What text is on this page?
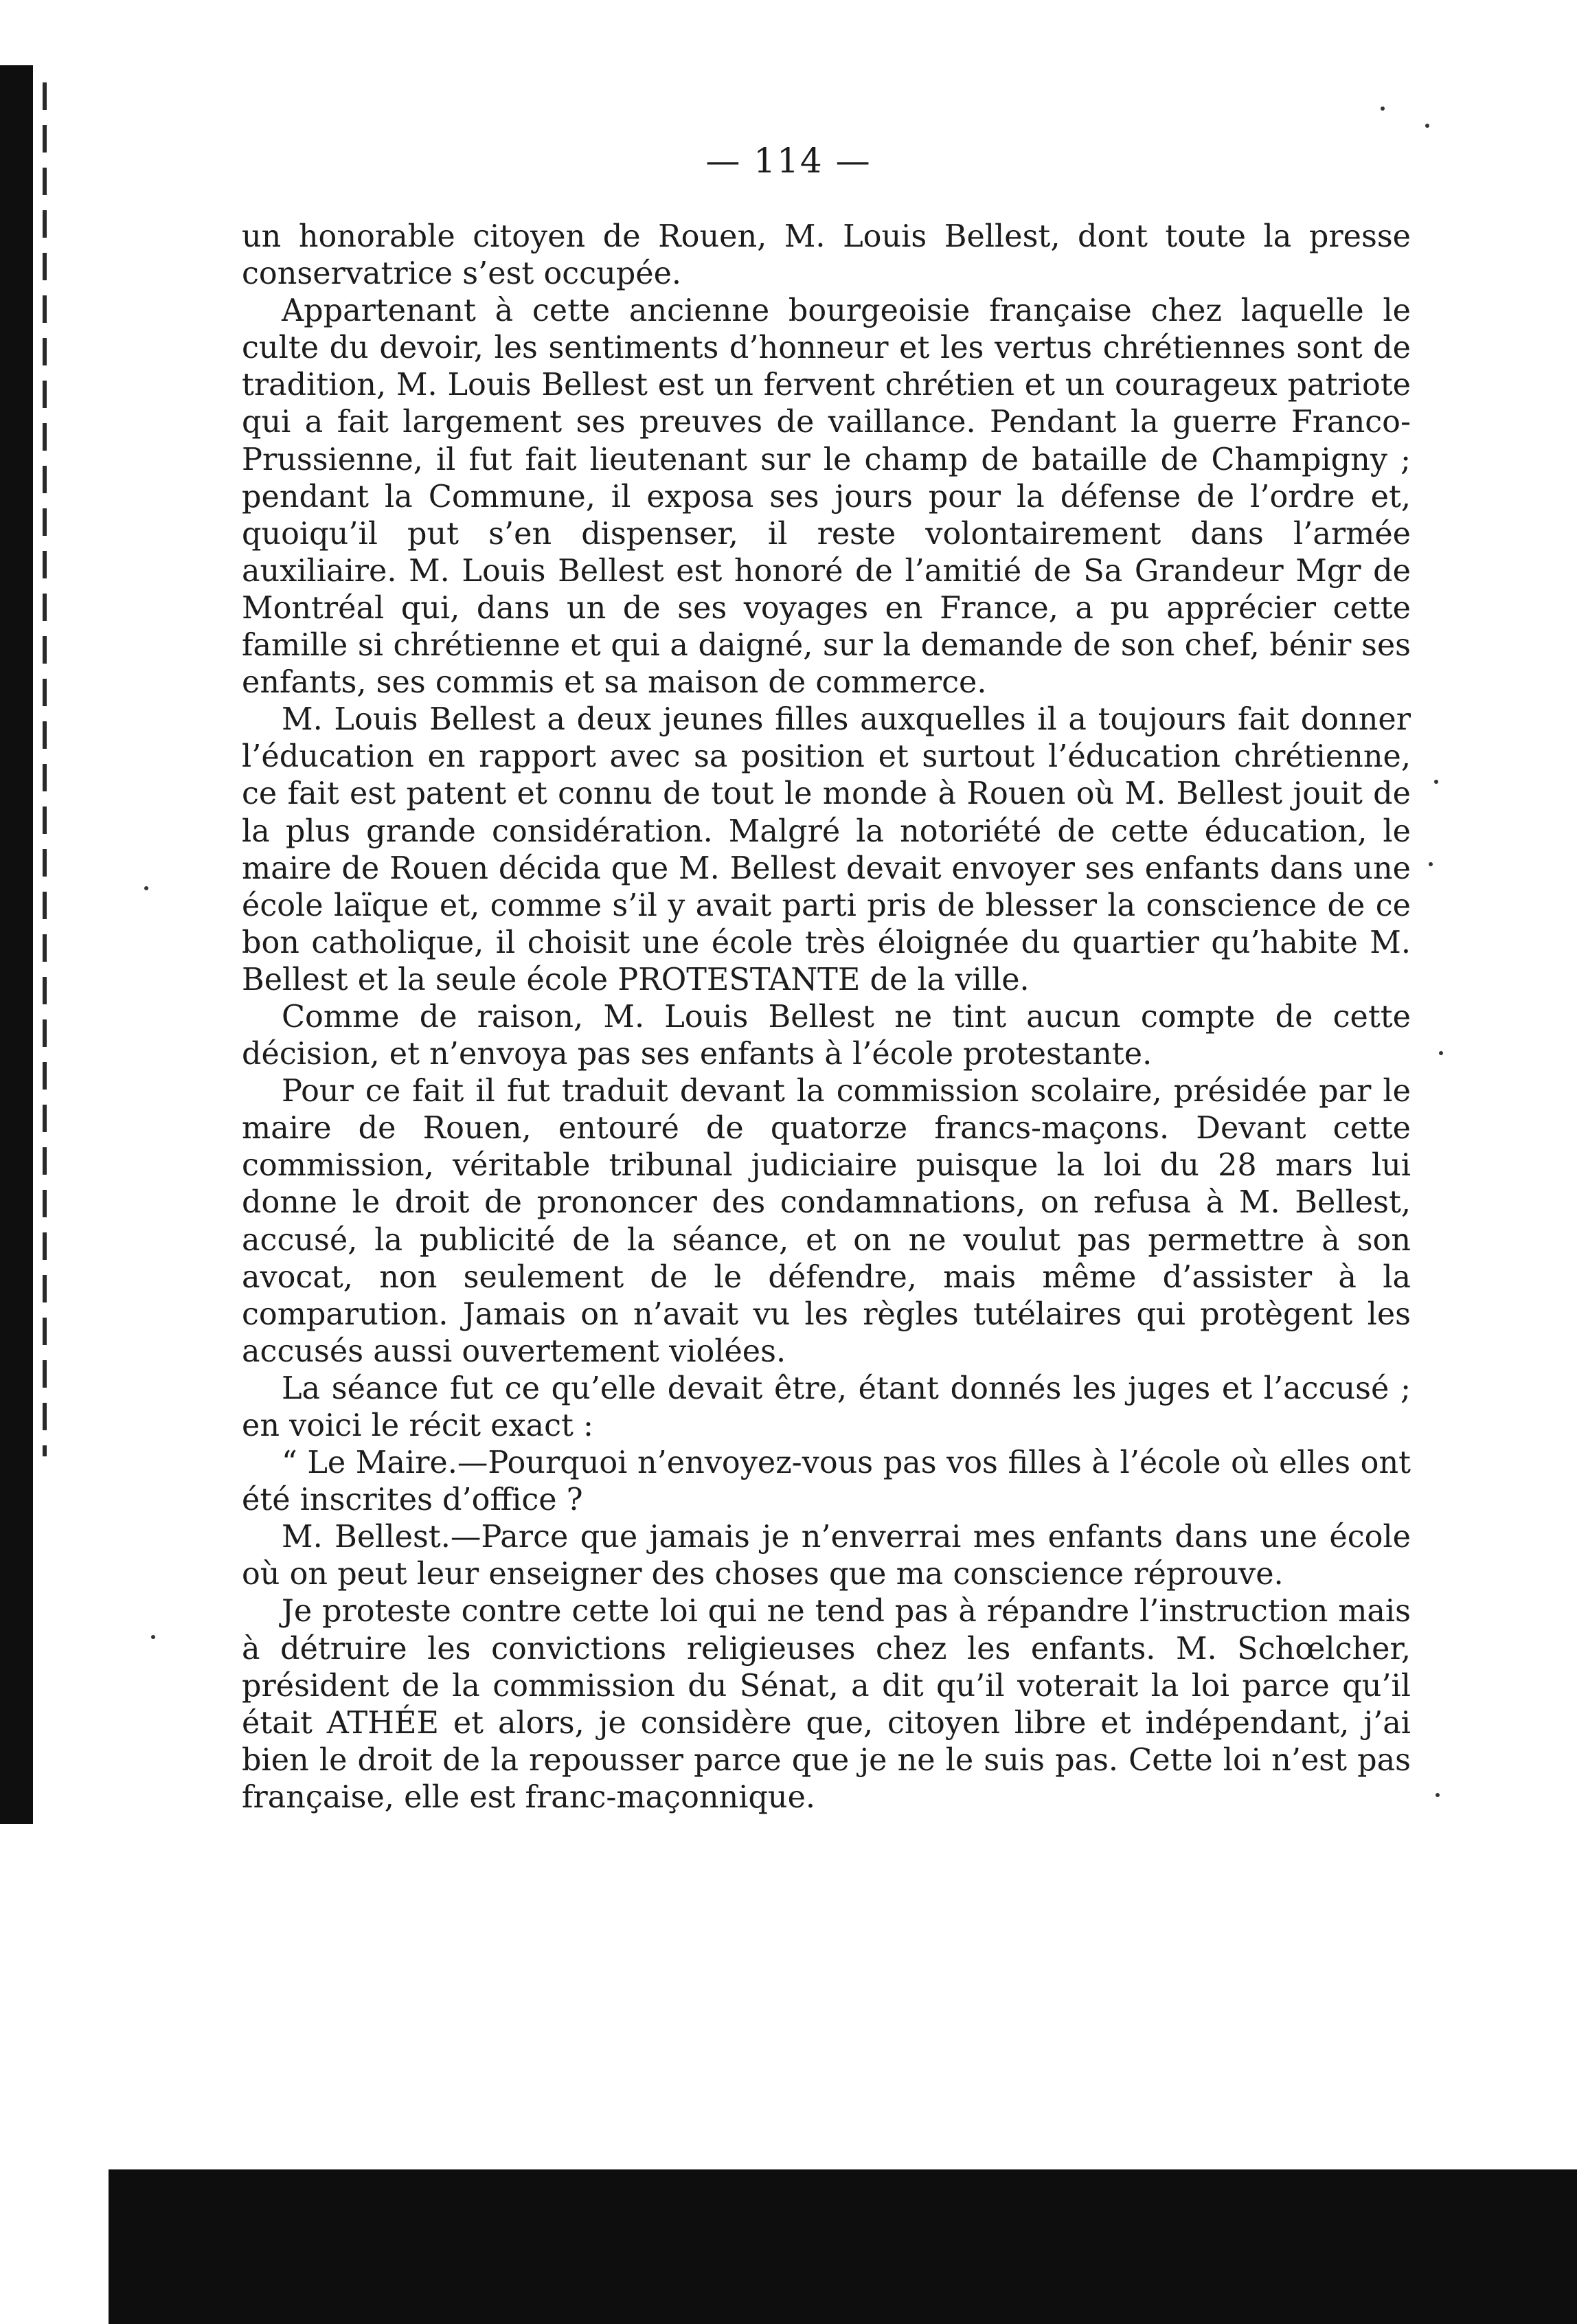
— 114 —

un honorable citoyen de Rouen, M. Louis Bellest, dont toute la presse conservatrice s’est occupée.

Appartenant à cette ancienne bourgeoisie française chez laquelle le culte du devoir, les sentiments d’honneur et les vertus chrétiennes sont de tradition, M. Louis Bellest est un fervent chrétien et un courageux patriote qui a fait largement ses preuves de vaillance. Pendant la guerre Franco-Prussienne, il fut fait lieutenant sur le champ de bataille de Champigny ; pendant la Commune, il exposa ses jours pour la défense de l’ordre et, quoiqu’il put s’en dispenser, il reste volontairement dans l’armée auxiliaire. M. Louis Bellest est honoré de l’amitié de Sa Grandeur Mgr de Montréal qui, dans un de ses voyages en France, a pu apprécier cette famille si chrétienne et qui a daigné, sur la demande de son chef, bénir ses enfants, ses commis et sa maison de commerce.

M. Louis Bellest a deux jeunes filles auxquelles il a toujours fait donner l’éducation en rapport avec sa position et surtout l’éducation chrétienne, ce fait est patent et connu de tout le monde à Rouen où M. Bellest jouit de la plus grande considération. Malgré la notoriété de cette éducation, le maire de Rouen décida que M. Bellest devait envoyer ses enfants dans une école laïque et, comme s’il y avait parti pris de blesser la conscience de ce bon catholique, il choisit une école très éloignée du quartier qu’habite M. Bellest et la seule école PROTESTANTE de la ville.

Comme de raison, M. Louis Bellest ne tint aucun compte de cette décision, et n’envoya pas ses enfants à l’école protestante.

Pour ce fait il fut traduit devant la commission scolaire, présidée par le maire de Rouen, entouré de quatorze francs-maçons. Devant cette commission, véritable tribunal judiciaire puisque la loi du 28 mars lui donne le droit de prononcer des condamnations, on refusa à M. Bellest, accusé, la publicité de la séance, et on ne voulut pas permettre à son avocat, non seulement de le défendre, mais même d’assister à la comparution. Jamais on n’avait vu les règles tutélaires qui protègent les accusés aussi ouvertement violées.

La séance fut ce qu’elle devait être, étant donnés les juges et l’accusé ; en voici le récit exact :

“ Le Maire.—Pourquoi n’envoyez-vous pas vos filles à l’école où elles ont été inscrites d’office ?

M. Bellest.—Parce que jamais je n’enverrai mes enfants dans une école où on peut leur enseigner des choses que ma conscience réprouve.

Je proteste contre cette loi qui ne tend pas à répandre l’instruction mais à détruire les convictions religieuses chez les enfants. M. Schœlcher, président de la commission du Sénat, a dit qu’il voterait la loi parce qu’il était ATHÉE et alors, je considère que, citoyen libre et indépendant, j’ai bien le droit de la repousser parce que je ne le suis pas. Cette loi n’est pas française, elle est franc-maçonnique.
